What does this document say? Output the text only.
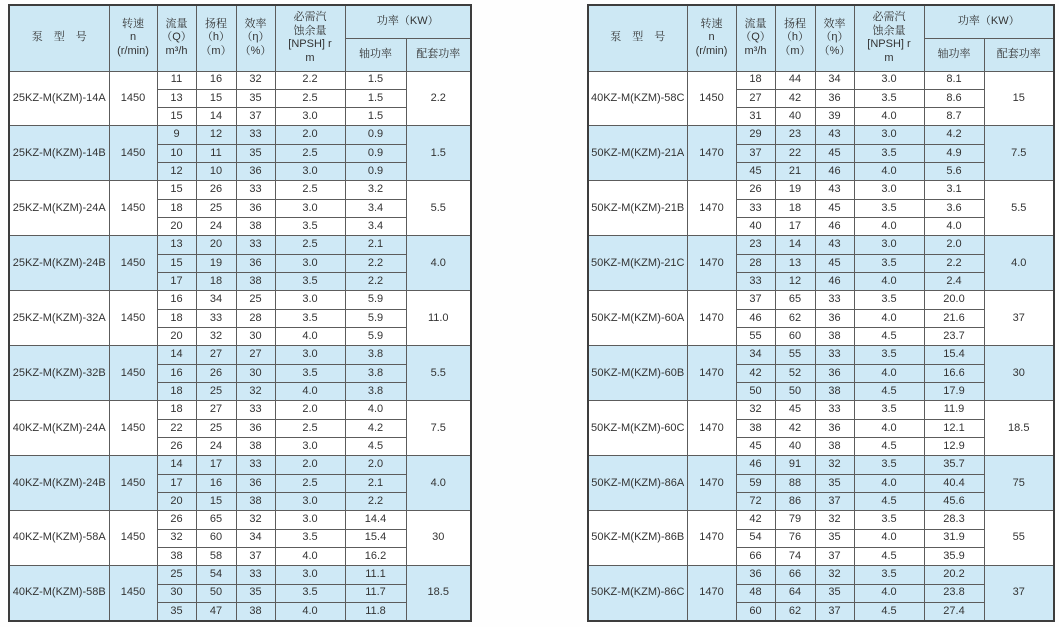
泵　型　号	转速
n
(r/min)	流量
（Q）
m³/h	扬程
（h）
（m）	效率
（η）
（%）	必需汽
蚀余量
[NPSH] r
m	功率（KW）	
						轴功率	配套功率
25KZ-M(KZM)-14A	1450	11	16	32	2.2	1.5	2.2
		13	15	35	2.5	1.5	
		15	14	37	3.0	1.5	
25KZ-M(KZM)-14B	1450	9	12	33	2.0	0.9	1.5
		10	11	35	2.5	0.9	
		12	10	36	3.0	0.9	
25KZ-M(KZM)-24A	1450	15	26	33	2.5	3.2	5.5
		18	25	36	3.0	3.4	
		20	24	38	3.5	3.4	
25KZ-M(KZM)-24B	1450	13	20	33	2.5	2.1	4.0
		15	19	36	3.0	2.2	
		17	18	38	3.5	2.2	
25KZ-M(KZM)-32A	1450	16	34	25	3.0	5.9	11.0
		18	33	28	3.5	5.9	
		20	32	30	4.0	5.9	
25KZ-M(KZM)-32B	1450	14	27	27	3.0	3.8	5.5
		16	26	30	3.5	3.8	
		18	25	32	4.0	3.8	
40KZ-M(KZM)-24A	1450	18	27	33	2.0	4.0	7.5
		22	25	36	2.5	4.2	
		26	24	38	3.0	4.5	
40KZ-M(KZM)-24B	1450	14	17	33	2.0	2.0	4.0
		17	16	36	2.5	2.1	
		20	15	38	3.0	2.2	
40KZ-M(KZM)-58A	1450	26	65	32	3.0	14.4	30
		32	60	34	3.5	15.4	
		38	58	37	4.0	16.2	
40KZ-M(KZM)-58B	1450	25	54	33	3.0	11.1	18.5
		30	50	35	3.5	11.7	
		35	47	38	4.0	11.8	
泵　型　号	转速
n
(r/min)	流量
（Q）
m³/h	扬程
（h）
（m）	效率
（η）
（%）	必需汽
蚀余量
[NPSH] r
m	功率（KW）	
						轴功率	配套功率
40KZ-M(KZM)-58C	1450	18	44	34	3.0	8.1	15
		27	42	36	3.5	8.6	
		31	40	39	4.0	8.7	
50KZ-M(KZM)-21A	1470	29	23	43	3.0	4.2	7.5
		37	22	45	3.5	4.9	
		45	21	46	4.0	5.6	
50KZ-M(KZM)-21B	1470	26	19	43	3.0	3.1	5.5
		33	18	45	3.5	3.6	
		40	17	46	4.0	4.0	
50KZ-M(KZM)-21C	1470	23	14	43	3.0	2.0	4.0
		28	13	45	3.5	2.2	
		33	12	46	4.0	2.4	
50KZ-M(KZM)-60A	1470	37	65	33	3.5	20.0	37
		46	62	36	4.0	21.6	
		55	60	38	4.5	23.7	
50KZ-M(KZM)-60B	1470	34	55	33	3.5	15.4	30
		42	52	36	4.0	16.6	
		50	50	38	4.5	17.9	
50KZ-M(KZM)-60C	1470	32	45	33	3.5	11.9	18.5
		38	42	36	4.0	12.1	
		45	40	38	4.5	12.9	
50KZ-M(KZM)-86A	1470	46	91	32	3.5	35.7	75
		59	88	35	4.0	40.4	
		72	86	37	4.5	45.6	
50KZ-M(KZM)-86B	1470	42	79	32	3.5	28.3	55
		54	76	35	4.0	31.9	
		66	74	37	4.5	35.9	
50KZ-M(KZM)-86C	1470	36	66	32	3.5	20.2	37
		48	64	35	4.0	23.8	
		60	62	37	4.5	27.4	
